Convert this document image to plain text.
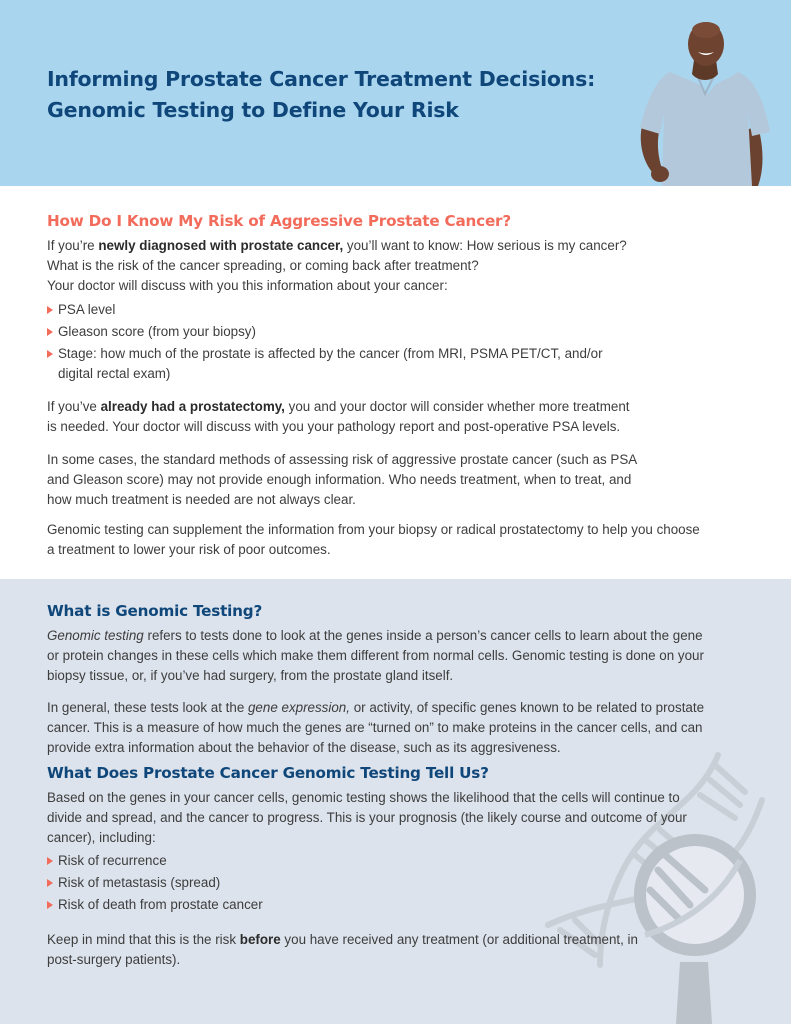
Informing Prostate Cancer Treatment Decisions:
Genomic Testing to Define Your Risk
How Do I Know My Risk of Aggressive Prostate Cancer?
If you’re newly diagnosed with prostate cancer, you’ll want to know: How serious is my cancer?
What is the risk of the cancer spreading, or coming back after treatment?
Your doctor will discuss with you this information about your cancer:
PSA level
Gleason score (from your biopsy)
Stage: how much of the prostate is affected by the cancer (from MRI, PSMA PET/CT, and/or digital rectal exam)
If you’ve already had a prostatectomy, you and your doctor will consider whether more treatment is needed. Your doctor will discuss with you your pathology report and post-operative PSA levels.
In some cases, the standard methods of assessing risk of aggressive prostate cancer (such as PSA and Gleason score) may not provide enough information. Who needs treatment, when to treat, and how much treatment is needed are not always clear.
Genomic testing can supplement the information from your biopsy or radical prostatectomy to help you choose a treatment to lower your risk of poor outcomes.
What is Genomic Testing?
Genomic testing refers to tests done to look at the genes inside a person’s cancer cells to learn about the gene or protein changes in these cells which make them different from normal cells. Genomic testing is done on your biopsy tissue, or, if you’ve had surgery, from the prostate gland itself.
In general, these tests look at the gene expression, or activity, of specific genes known to be related to prostate cancer. This is a measure of how much the genes are “turned on” to make proteins in the cancer cells, and can provide extra information about the behavior of the disease, such as its aggresiveness.
What Does Prostate Cancer Genomic Testing Tell Us?
Based on the genes in your cancer cells, genomic testing shows the likelihood that the cells will continue to divide and spread, and the cancer to progress. This is your prognosis (the likely course and outcome of your cancer), including:
Risk of recurrence
Risk of metastasis (spread)
Risk of death from prostate cancer
Keep in mind that this is the risk before you have received any treatment (or additional treatment, in post-surgery patients).
